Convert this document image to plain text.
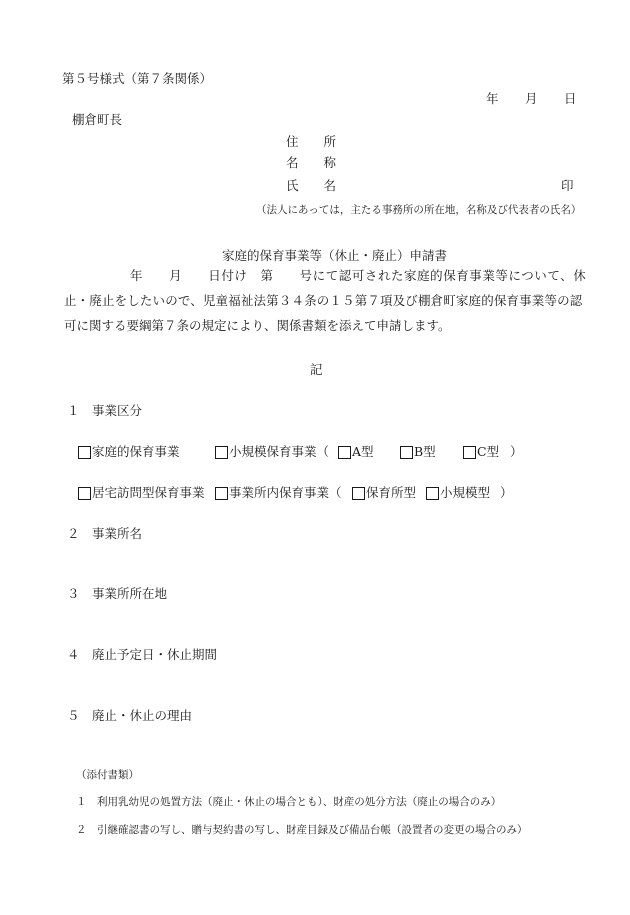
第５号様式（第７条関係）
年　　月　　日
棚倉町長
住　　所
名　　称
氏　　名	印
（法人にあっては，主たる事務所の所在地，名称及び代表者の氏名）
家庭的保育事業等（休止・廃止）申請書
年　　月　　日付け　第　　号にて認可された家庭的保育事業等について、休
止・廃止をしたいので、児童福祉法第３４条の１５第７項及び棚倉町家庭的保育事業等の認
可に関する要綱第７条の規定により、関係書類を添えて申請します。
記
１　事業区分
家庭的保育事業	小規模保育事業（ A型	B型	C型 ）
居宅訪問型保育事業 事業所内保育事業（ 保育所型 小規模型 ）
２　事業所名
３　事業所所在地
４　廃止予定日・休止期間
５　廃止・休止の理由
（添付書類）
１　利用乳幼児の処置方法（廃止・休止の場合とも）、財産の処分方法（廃止の場合のみ）
２　引継確認書の写し、贈与契約書の写し、財産目録及び備品台帳（設置者の変更の場合のみ）
